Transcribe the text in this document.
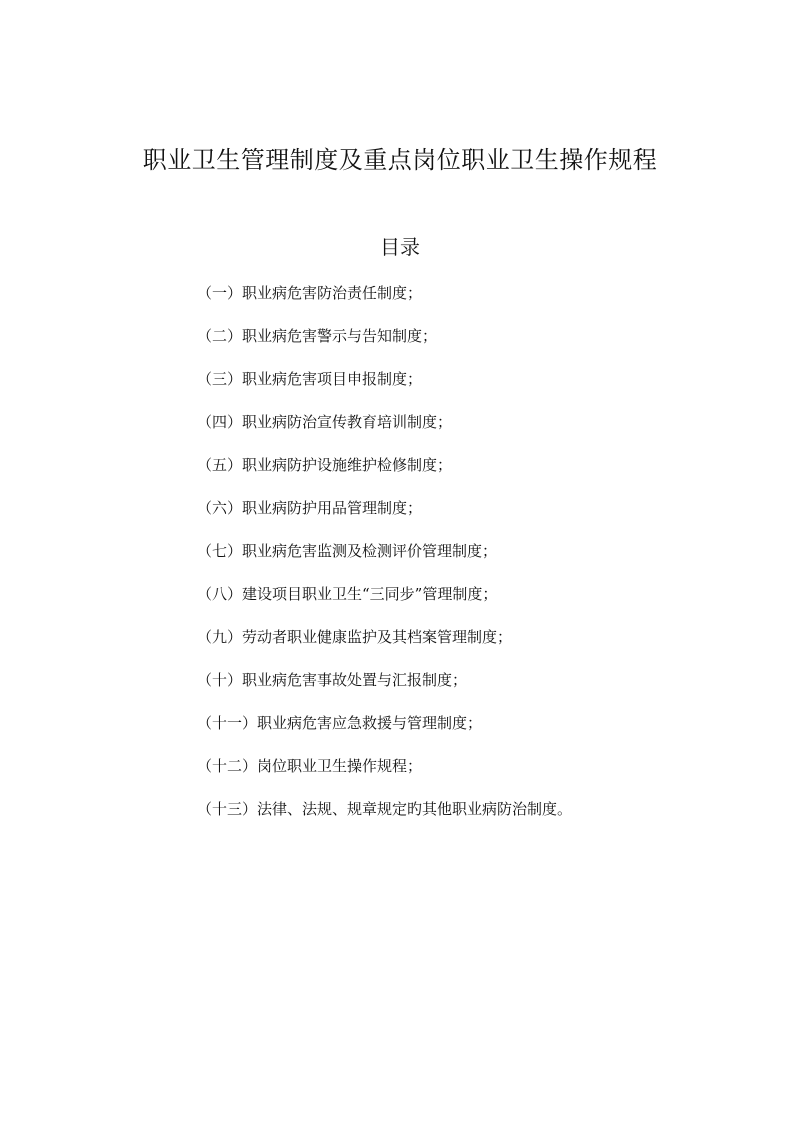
职业卫生管理制度及重点岗位职业卫生操作规程
目录
（一）职业病危害防治责任制度；
（二）职业病危害警示与告知制度；
（三）职业病危害项目申报制度；
（四）职业病防治宣传教育培训制度；
（五）职业病防护设施维护检修制度；
（六）职业病防护用品管理制度；
（七）职业病危害监测及检测评价管理制度；
（八）建设项目职业卫生“三同步”管理制度；
（九）劳动者职业健康监护及其档案管理制度；
（十）职业病危害事故处置与汇报制度；
（十一）职业病危害应急救援与管理制度；
（十二）岗位职业卫生操作规程；
（十三）法律、法规、规章规定旳其他职业病防治制度。
